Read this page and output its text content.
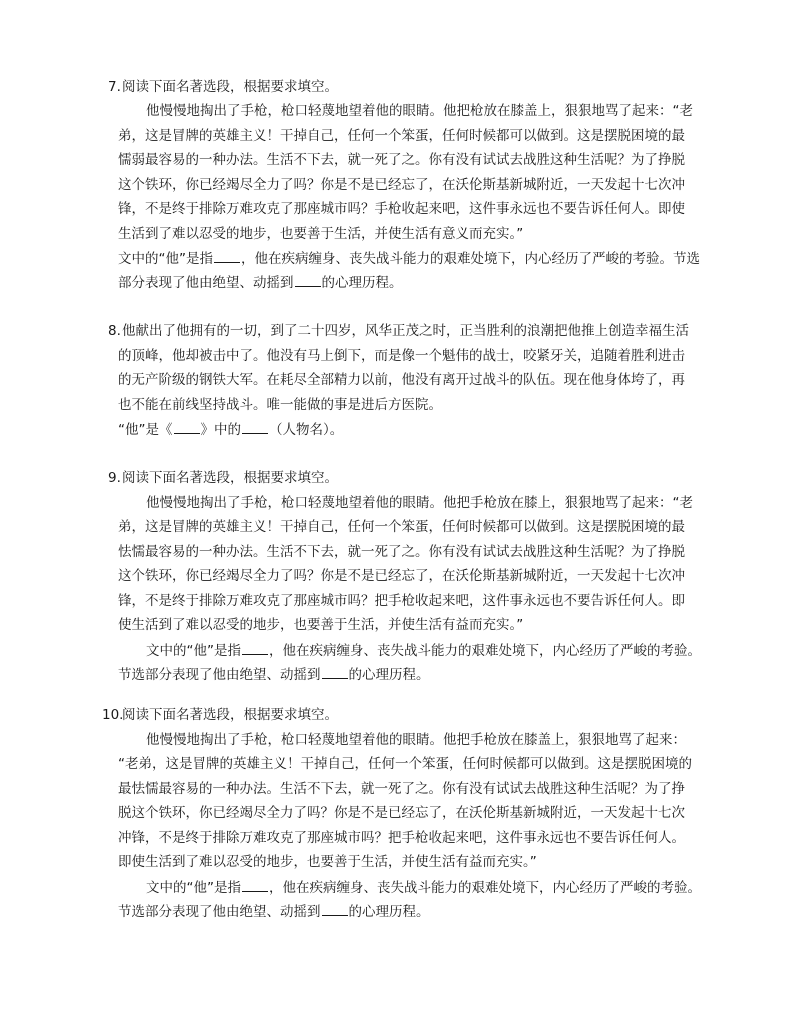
7. 阅读下面名著选段，根据要求填空。
他慢慢地掏出了手枪，枪口轻蔑地望着他的眼睛。他把枪放在膝盖上，狠狠地骂了起来：“老
弟，这是冒牌的英雄主义！干掉自己，任何一个笨蛋，任何时候都可以做到。这是摆脱困境的最
懦弱最容易的一种办法。生活不下去，就一死了之。你有没有试试去战胜这种生活呢？为了挣脱
这个铁环，你已经竭尽全力了吗？你是不是已经忘了，在沃伦斯基新城附近，一天发起十七次冲
锋，不是终于排除万难攻克了那座城市吗？手枪收起来吧，这件事永远也不要告诉任何人。即使
生活到了难以忍受的地步，也要善于生活，并使生活有意义而充实。”
文中的“他”是指 ，他在疾病缠身、丧失战斗能力的艰难处境下，内心经历了严峻的考验。节选
部分表现了他由绝望、动摇到 的心理历程。
8. 他献出了他拥有的一切，到了二十四岁，风华正茂之时，正当胜利的浪潮把他推上创造幸福生活
的顶峰，他却被击中了。他没有马上倒下，而是像一个魁伟的战士，咬紧牙关，追随着胜利进击
的无产阶级的钢铁大军。在耗尽全部精力以前，他没有离开过战斗的队伍。现在他身体垮了，再
也不能在前线坚持战斗。唯一能做的事是进后方医院。
“他”是《 》中的 （人物名）。
9. 阅读下面名著选段，根据要求填空。
他慢慢地掏出了手枪，枪口轻蔑地望着他的眼睛。他把手枪放在膝上，狠狠地骂了起来：“老
弟，这是冒牌的英雄主义！干掉自己，任何一个笨蛋，任何时候都可以做到。这是摆脱困境的最
怯懦最容易的一种办法。生活不下去，就一死了之。你有没有试试去战胜这种生活呢？为了挣脱
这个铁环，你已经竭尽全力了吗？你是不是已经忘了，在沃伦斯基新城附近，一天发起十七次冲
锋，不是终于排除万难攻克了那座城市吗？把手枪收起来吧，这件事永远也不要告诉任何人。即
使生活到了难以忍受的地步，也要善于生活，并使生活有益而充实。”
文中的“他”是指 ，他在疾病缠身、丧失战斗能力的艰难处境下，内心经历了严峻的考验。
节选部分表现了他由绝望、动摇到 的心理历程。
10.
阅读下面名著选段，根据要求填空。
他慢慢地掏出了手枪，枪口轻蔑地望着他的眼睛。他把手枪放在膝盖上，狠狠地骂了起来：
“老弟，这是冒牌的英雄主义！干掉自己，任何一个笨蛋，任何时候都可以做到。这是摆脱困境的
最怯懦最容易的一种办法。生活不下去，就一死了之。你有没有试试去战胜这种生活呢？为了挣
脱这个铁环，你已经竭尽全力了吗？你是不是已经忘了，在沃伦斯基新城附近，一天发起十七次
冲锋，不是终于排除万难攻克了那座城市吗？把手枪收起来吧，这件事永远也不要告诉任何人。
即使生活到了难以忍受的地步，也要善于生活，并使生活有益而充实。”
文中的“他”是指 ，他在疾病缠身、丧失战斗能力的艰难处境下，内心经历了严峻的考验。
节选部分表现了他由绝望、动摇到 的心理历程。
